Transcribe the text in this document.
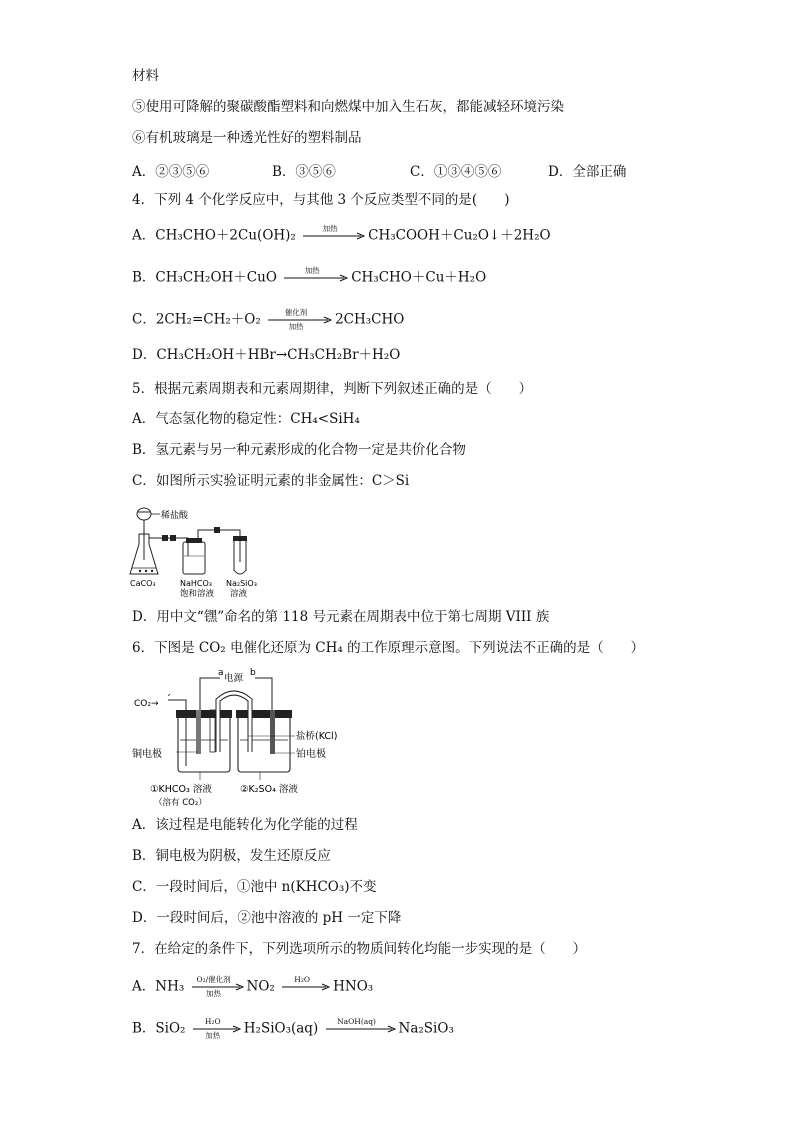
材料
⑤使用可降解的聚碳酸酯塑料和向燃煤中加入生石灰，都能减轻环境污染
⑥有机玻璃是一种透光性好的塑料制品
A．②③⑤⑥	B．③⑤⑥	C．①③④⑤⑥	D．全部正确
4．下列 4 个化学反应中，与其他 3 个反应类型不同的是(　　)
A．CH₃CHO＋2Cu(OH)₂	加热	CH₃COOH＋Cu₂O↓＋2H₂O
B．CH₃CH₂OH＋CuO	加热	CH₃CHO＋Cu＋H₂O
C．2CH₂=CH₂＋O₂	催化剂
加热	2CH₃CHO
D．CH₃CH₂OH＋HBr→CH₃CH₂Br＋H₂O
5．根据元素周期表和元素周期律，判断下列叙述正确的是（　　）
A．气态氢化物的稳定性：CH₄<SiH₄
B．氢元素与另一种元素形成的化合物一定是共价化合物
C．如图所示实验证明元素的非金属性：C＞Si
稀盐酸
CaCO₃	NaHCO₃
饱和溶液
Na₂SiO₃
溶液
D．用中文“𬭶”命名的第 118 号元素在周期表中位于第七周期 VIII 族
6．下图是 CO₂ 电催化还原为 CH₄ 的工作原理示意图。下列说法不正确的是（　　）
CO₂→
a 电源 b
盐桥(KCl)
铂电极
铜电极
①KHCO₃ 溶液
（溶有 CO₂）
②K₂SO₄ 溶液
A．该过程是电能转化为化学能的过程
B．铜电极为阴极，发生还原反应
C．一段时间后，①池中 n(KHCO₃)不变
D．一段时间后，②池中溶液的 pH 一定下降
7．在给定的条件下，下列选项所示的物质间转化均能一步实现的是（　　）
A．NH₃	O₂/催化剂
加热	NO₂	H₂O	HNO₃
B．SiO₂	H₂O
加热	H₂SiO₃(aq)	NaOH(aq)	Na₂SiO₃
